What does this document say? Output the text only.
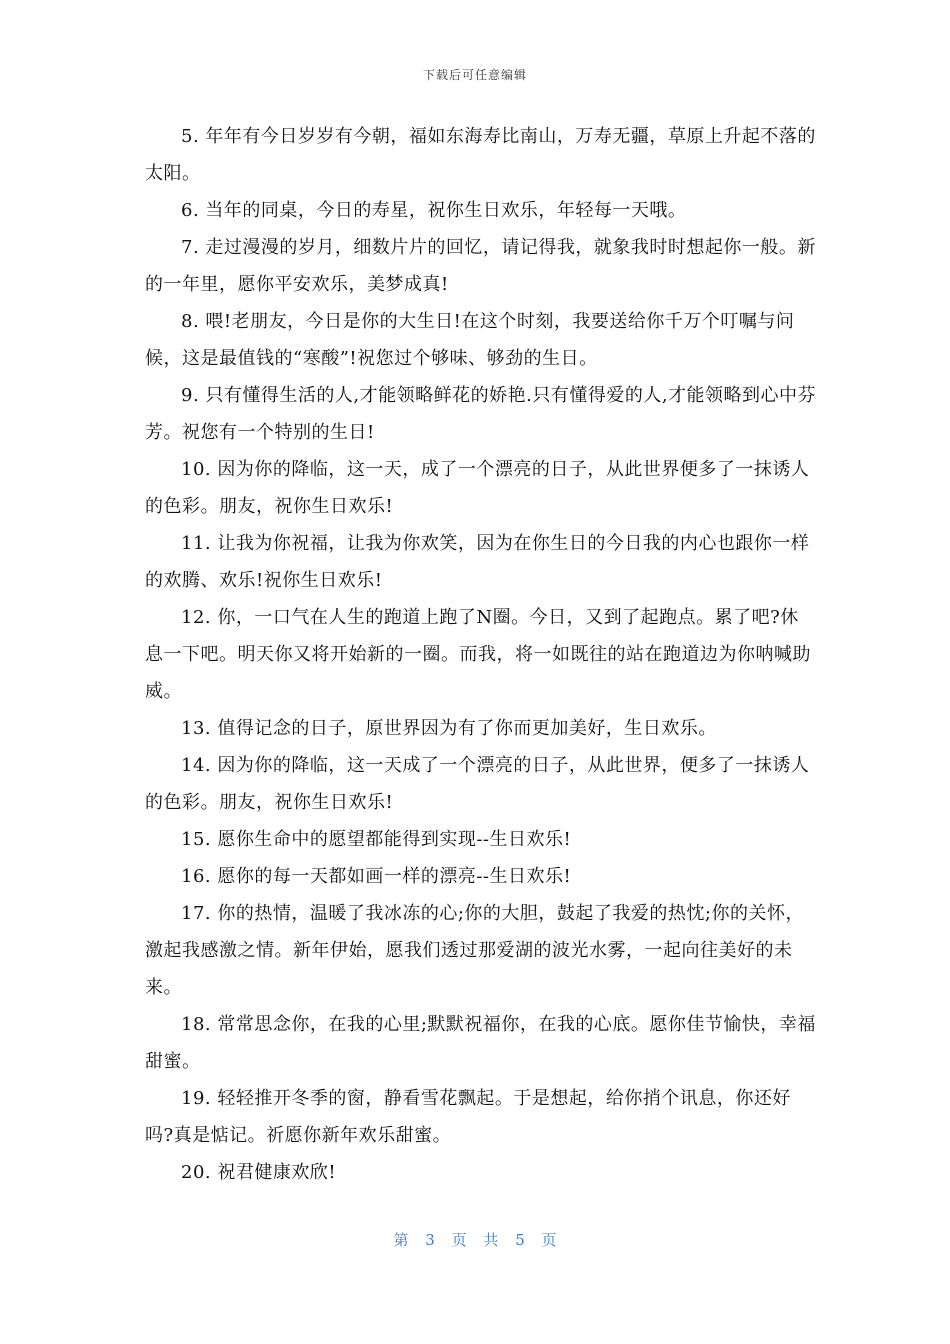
下载后可任意编辑

5. 年年有今日岁岁有今朝，福如东海寿比南山，万寿无疆，草原上升起不落的太阳。

6. 当年的同桌，今日的寿星，祝你生日欢乐，年轻每一天哦。

7. 走过漫漫的岁月，细数片片的回忆，请记得我，就象我时时想起你一般。新的一年里，愿你平安欢乐，美梦成真!

8. 喂!老朋友，今日是你的大生日!在这个时刻，我要送给你千万个叮嘱与问候，这是最值钱的“寒酸”!祝您过个够味、够劲的生日。

9. 只有懂得生活的人,才能领略鲜花的娇艳.只有懂得爱的人,才能领略到心中芬芳。祝您有一个特别的生日!

10. 因为你的降临，这一天，成了一个漂亮的日子，从此世界便多了一抹诱人的色彩。朋友，祝你生日欢乐!

11. 让我为你祝福，让我为你欢笑，因为在你生日的今日我的内心也跟你一样的欢腾、欢乐!祝你生日欢乐!

12. 你，一口气在人生的跑道上跑了N圈。今日，又到了起跑点。累了吧?休息一下吧。明天你又将开始新的一圈。而我，将一如既往的站在跑道边为你呐喊助威。

13. 值得记念的日子，原世界因为有了你而更加美好，生日欢乐。

14. 因为你的降临，这一天成了一个漂亮的日子，从此世界，便多了一抹诱人的色彩。朋友，祝你生日欢乐!

15. 愿你生命中的愿望都能得到实现--生日欢乐!

16. 愿你的每一天都如画一样的漂亮--生日欢乐!

17. 你的热情，温暖了我冰冻的心;你的大胆，鼓起了我爱的热忱;你的关怀，激起我感激之情。新年伊始，愿我们透过那爱湖的波光水雾，一起向往美好的未来。

18. 常常思念你，在我的心里;默默祝福你，在我的心底。愿你佳节愉快，幸福甜蜜。

19. 轻轻推开冬季的窗，静看雪花飘起。于是想起，给你捎个讯息，你还好吗?真是惦记。祈愿你新年欢乐甜蜜。

20. 祝君健康欢欣!

第 3 页 共 5 页
